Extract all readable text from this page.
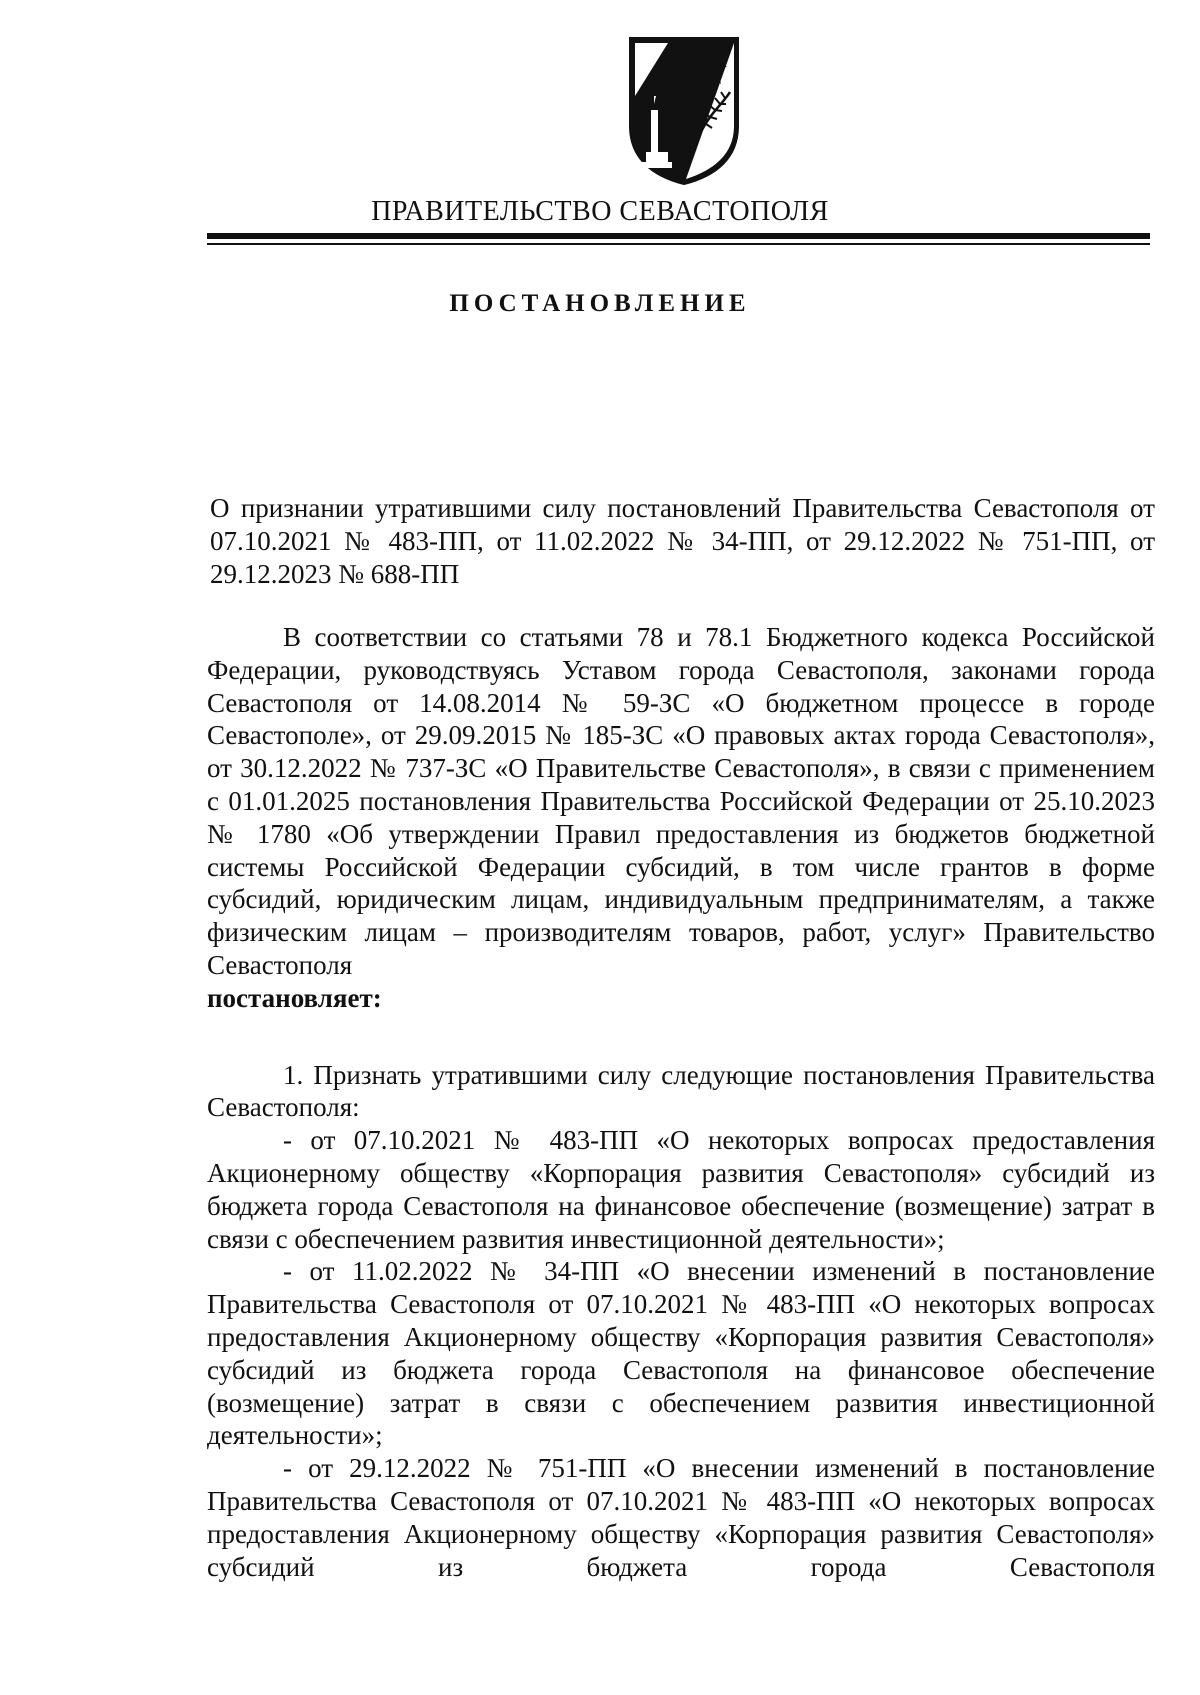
ПРАВИТЕЛЬСТВО СЕВАСТОПОЛЯ
ПОСТАНОВЛЕНИЕ
О признании утратившими силу постановлений Правительства Севастополя от 07.10.2021 № 483-ПП, от 11.02.2022 № 34-ПП, от 29.12.2022 № 751-ПП, от 29.12.2023 № 688-ПП

В соответствии со статьями 78 и 78.1 Бюджетного кодекса Российской Федерации, руководствуясь Уставом города Севастополя, законами города Севастополя от 14.08.2014 № 59-ЗС «О бюджетном процессе в городе Севастополе», от 29.09.2015 № 185-ЗС «О правовых актах города Севастополя», от 30.12.2022 № 737-ЗС «О Правительстве Севастополя», в связи с применением с 01.01.2025 постановления Правительства Российской Федерации от 25.10.2023 № 1780 «Об утверждении Правил предоставления из бюджетов бюджетной системы Российской Федерации субсидий, в том числе грантов в форме субсидий, юридическим лицам, индивидуальным предпринимателям, а также физическим лицам – производителям товаров, работ, услуг» Правительство Севастополя
постановляет:

1. Признать утратившими силу следующие постановления Правительства Севастополя:

- от 07.10.2021 № 483-ПП «О некоторых вопросах предоставления Акционерному обществу «Корпорация развития Севастополя» субсидий из бюджета города Севастополя на финансовое обеспечение (возмещение) затрат в связи с обеспечением развития инвестиционной деятельности»;

- от 11.02.2022 № 34-ПП «О внесении изменений в постановление Правительства Севастополя от 07.10.2021 № 483-ПП «О некоторых вопросах предоставления Акционерному обществу «Корпорация развития Севастополя» субсидий из бюджета города Севастополя на финансовое обеспечение (возмещение) затрат в связи с обеспечением развития инвестиционной деятельности»;

- от 29.12.2022 № 751-ПП «О внесении изменений в постановление Правительства Севастополя от 07.10.2021 № 483-ПП «О некоторых вопросах предоставления Акционерному обществу «Корпорация развития Севастополя» субсидий из бюджета города Севастополя
